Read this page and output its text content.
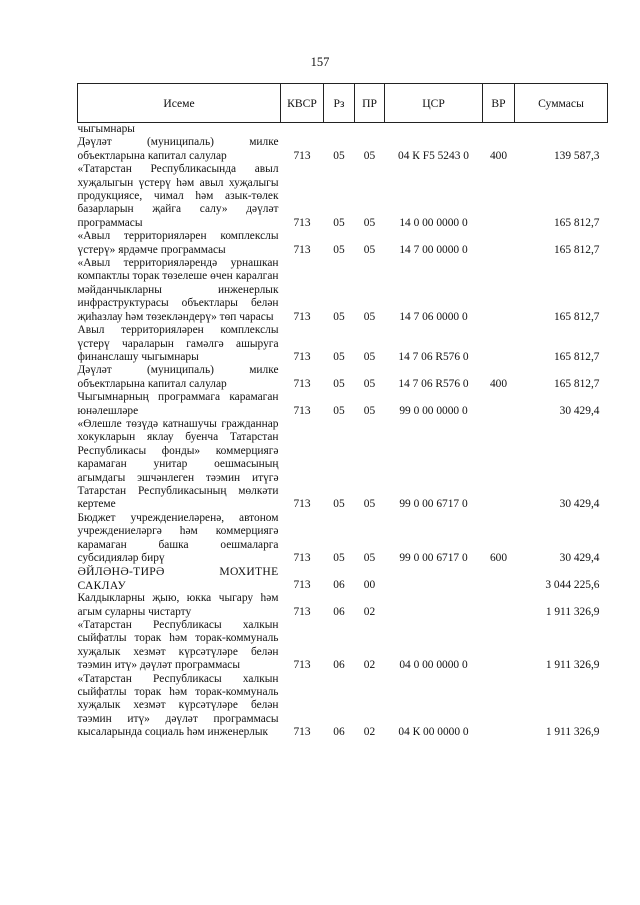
157
Исеме	КВСР	Рз	ПР	ЦСР	ВР	Суммасы
чыгымнары						
Дәүләт (муниципаль) милке объектларына капитал салулар	713	05	05	04 К F5 5243 0	400	139 587,3
«Татарстан Республикасында авыл хуҗалыгын үстерү һәм авыл хуҗалыгы продукциясе, чимал һәм азык-төлек базарларын җайга салу» дәүләт программасы	713	05	05	14 0 00 0000 0		165 812,7
«Авыл территорияләрен комплекслы үстерү» ярдәмче программасы	713	05	05	14 7 00 0000 0		165 812,7
«Авыл территорияләрендә урнашкан компактлы торак төзелеше өчен каралган мәйданчыкларны инженерлык инфраструктурасы объектлары белән җиһазлау һәм төзекләндерү» төп чарасы	713	05	05	14 7 06 0000 0		165 812,7
Авыл территорияләрен комплекслы үстерү чараларын гамәлгә ашыруга финанслашу чыгымнары	713	05	05	14 7 06 R576 0		165 812,7
Дәүләт (муниципаль) милке объектларына капитал салулар	713	05	05	14 7 06 R576 0	400	165 812,7
Чыгымнарның программага карамаган юнәлешләре	713	05	05	99 0 00 0000 0		30 429,4
«Өлешле төзүдә катнашучы гражданнар хокукларын яклау буенча Татарстан Республикасы фонды» коммерциягә карамаган унитар оешмасының агымдагы эшчәнлеген тәэмин итүгә Татарстан Республикасының мөлкәти кертеме	713	05	05	99 0 00 6717 0		30 429,4
Бюджет учреждениеләренә, автоном учреждениеләргә һәм коммерциягә карамаган башка оешмаларга субсидияләр бирү	713	05	05	99 0 00 6717 0	600	30 429,4
ӘЙЛӘНӘ-ТИРӘ МОХИТНЕ САКЛАУ	713	06	00			3 044 225,6
Калдыкларны җыю, юкка чыгару һәм агым суларны чистарту	713	06	02			1 911 326,9
«Татарстан Республикасы халкын сыйфатлы торак һәм торак-коммуналь хуҗалык хезмәт күрсәтүләре белән тәэмин итү» дәүләт программасы	713	06	02	04 0 00 0000 0		1 911 326,9
«Татарстан Республикасы халкын сыйфатлы торак һәм торак-коммуналь хуҗалык хезмәт күрсәтүләре белән тәэмин итү» дәүләт программасы кысаларында социаль һәм инженерлык	713	06	02	04 К 00 0000 0		1 911 326,9
